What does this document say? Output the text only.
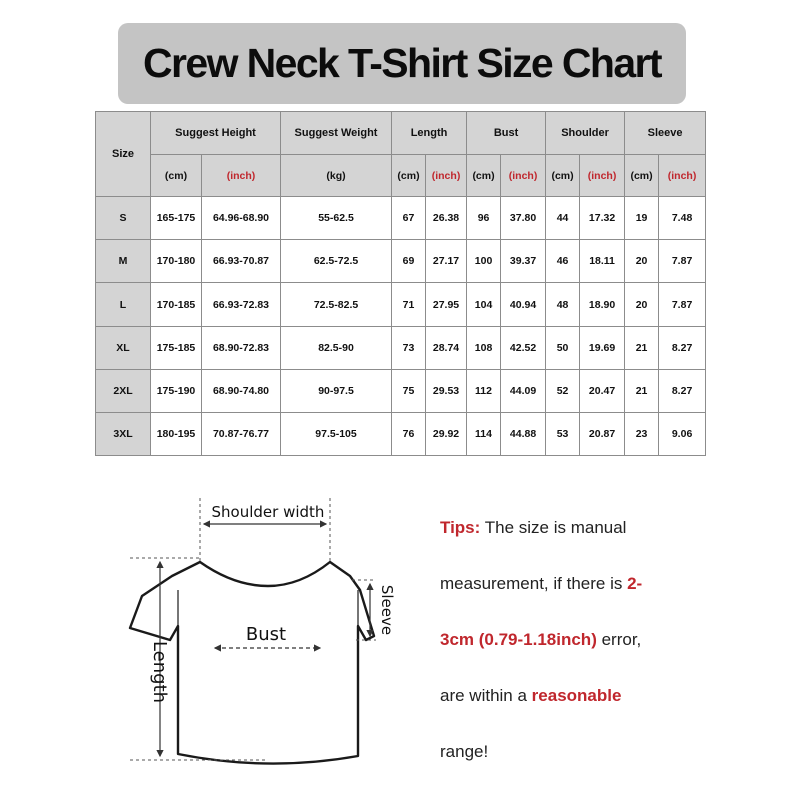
Crew Neck T-Shirt Size Chart
Size	Suggest Height		Suggest Weight	Length		Bust		Shoulder		Sleeve	
	(cm)	(inch)	(kg)	(cm)	(inch)	(cm)	(inch)	(cm)	(inch)	(cm)	(inch)
S	165-175	64.96-68.90	55-62.5	67	26.38	96	37.80	44	17.32	19	7.48
M	170-180	66.93-70.87	62.5-72.5	69	27.17	100	39.37	46	18.11	20	7.87
L	170-185	66.93-72.83	72.5-82.5	71	27.95	104	40.94	48	18.90	20	7.87
XL	175-185	68.90-72.83	82.5-90	73	28.74	108	42.52	50	19.69	21	8.27
2XL	175-190	68.90-74.80	90-97.5	75	29.53	112	44.09	52	20.47	21	8.27
3XL	180-195	70.87-76.77	97.5-105	76	29.92	114	44.88	53	20.87	23	9.06
Shoulder width
Bust
Length
Sleeve
Tips: The size is manual
measurement, if there is 2-
3cm (0.79-1.18inch) error,
are within a reasonable
range!
